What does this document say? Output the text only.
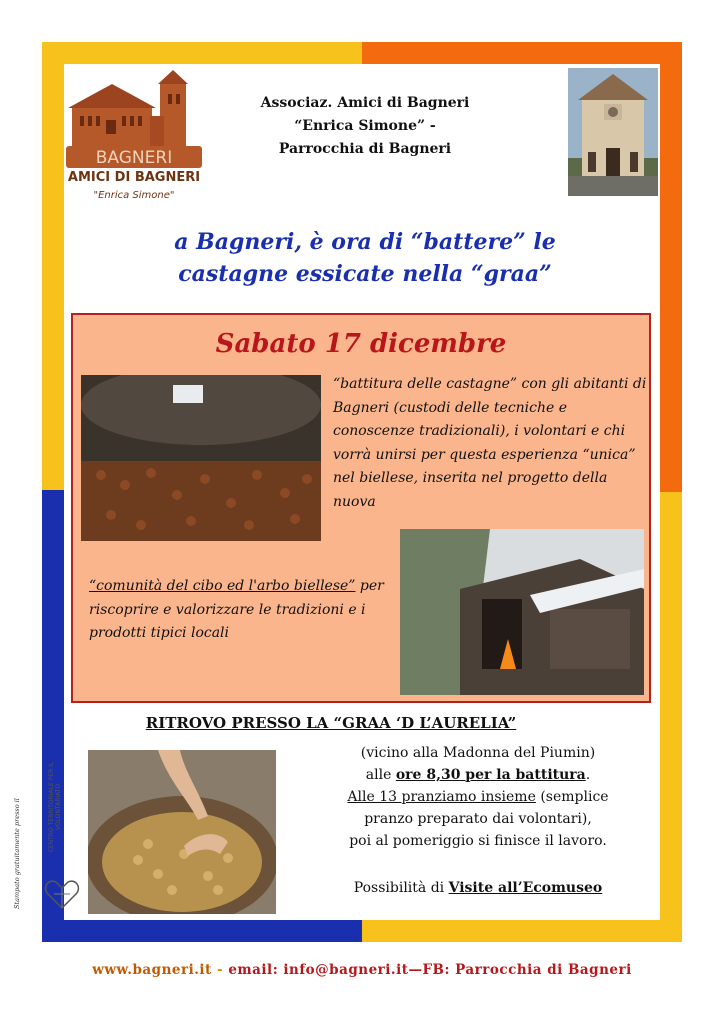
BAGNERI
AMICI DI BAGNERI
"Enrica Simone"
Associaz. Amici di Bagneri
“Enrica Simone” -
Parrocchia di Bagneri
a Bagneri, è ora di “battere” le
castagne essicate nella “graa”
Sabato 17 dicembre
“battitura delle castagne” con gli abitanti di Bagneri (custodi delle tecniche e conoscenze tradizionali), i volontari e chi vorrà unirsi per questa esperienza “unica” nel biellese, inserita nel progetto della nuova
“comunità del cibo ed l'arbo biellese” per riscoprire e valorizzare le tradizioni e i prodotti tipici locali
RITROVO PRESSO LA “GRAA ‘D L’AURELIA”
(vicino alla Madonna del Piumin)
alle ore 8,30 per la battitura.
Alle 13 pranziamo insieme (semplice
pranzo preparato dai volontari),
poi al pomeriggio si finisce il lavoro.
Possibilità di Visite all’Ecomuseo
Stampato gratuitamente presso il	CENTRO TERRITORIALE PER IL VOLONTARIATO
www.bagneri.it - email: info@bagneri.it—FB: Parrocchia di Bagneri
